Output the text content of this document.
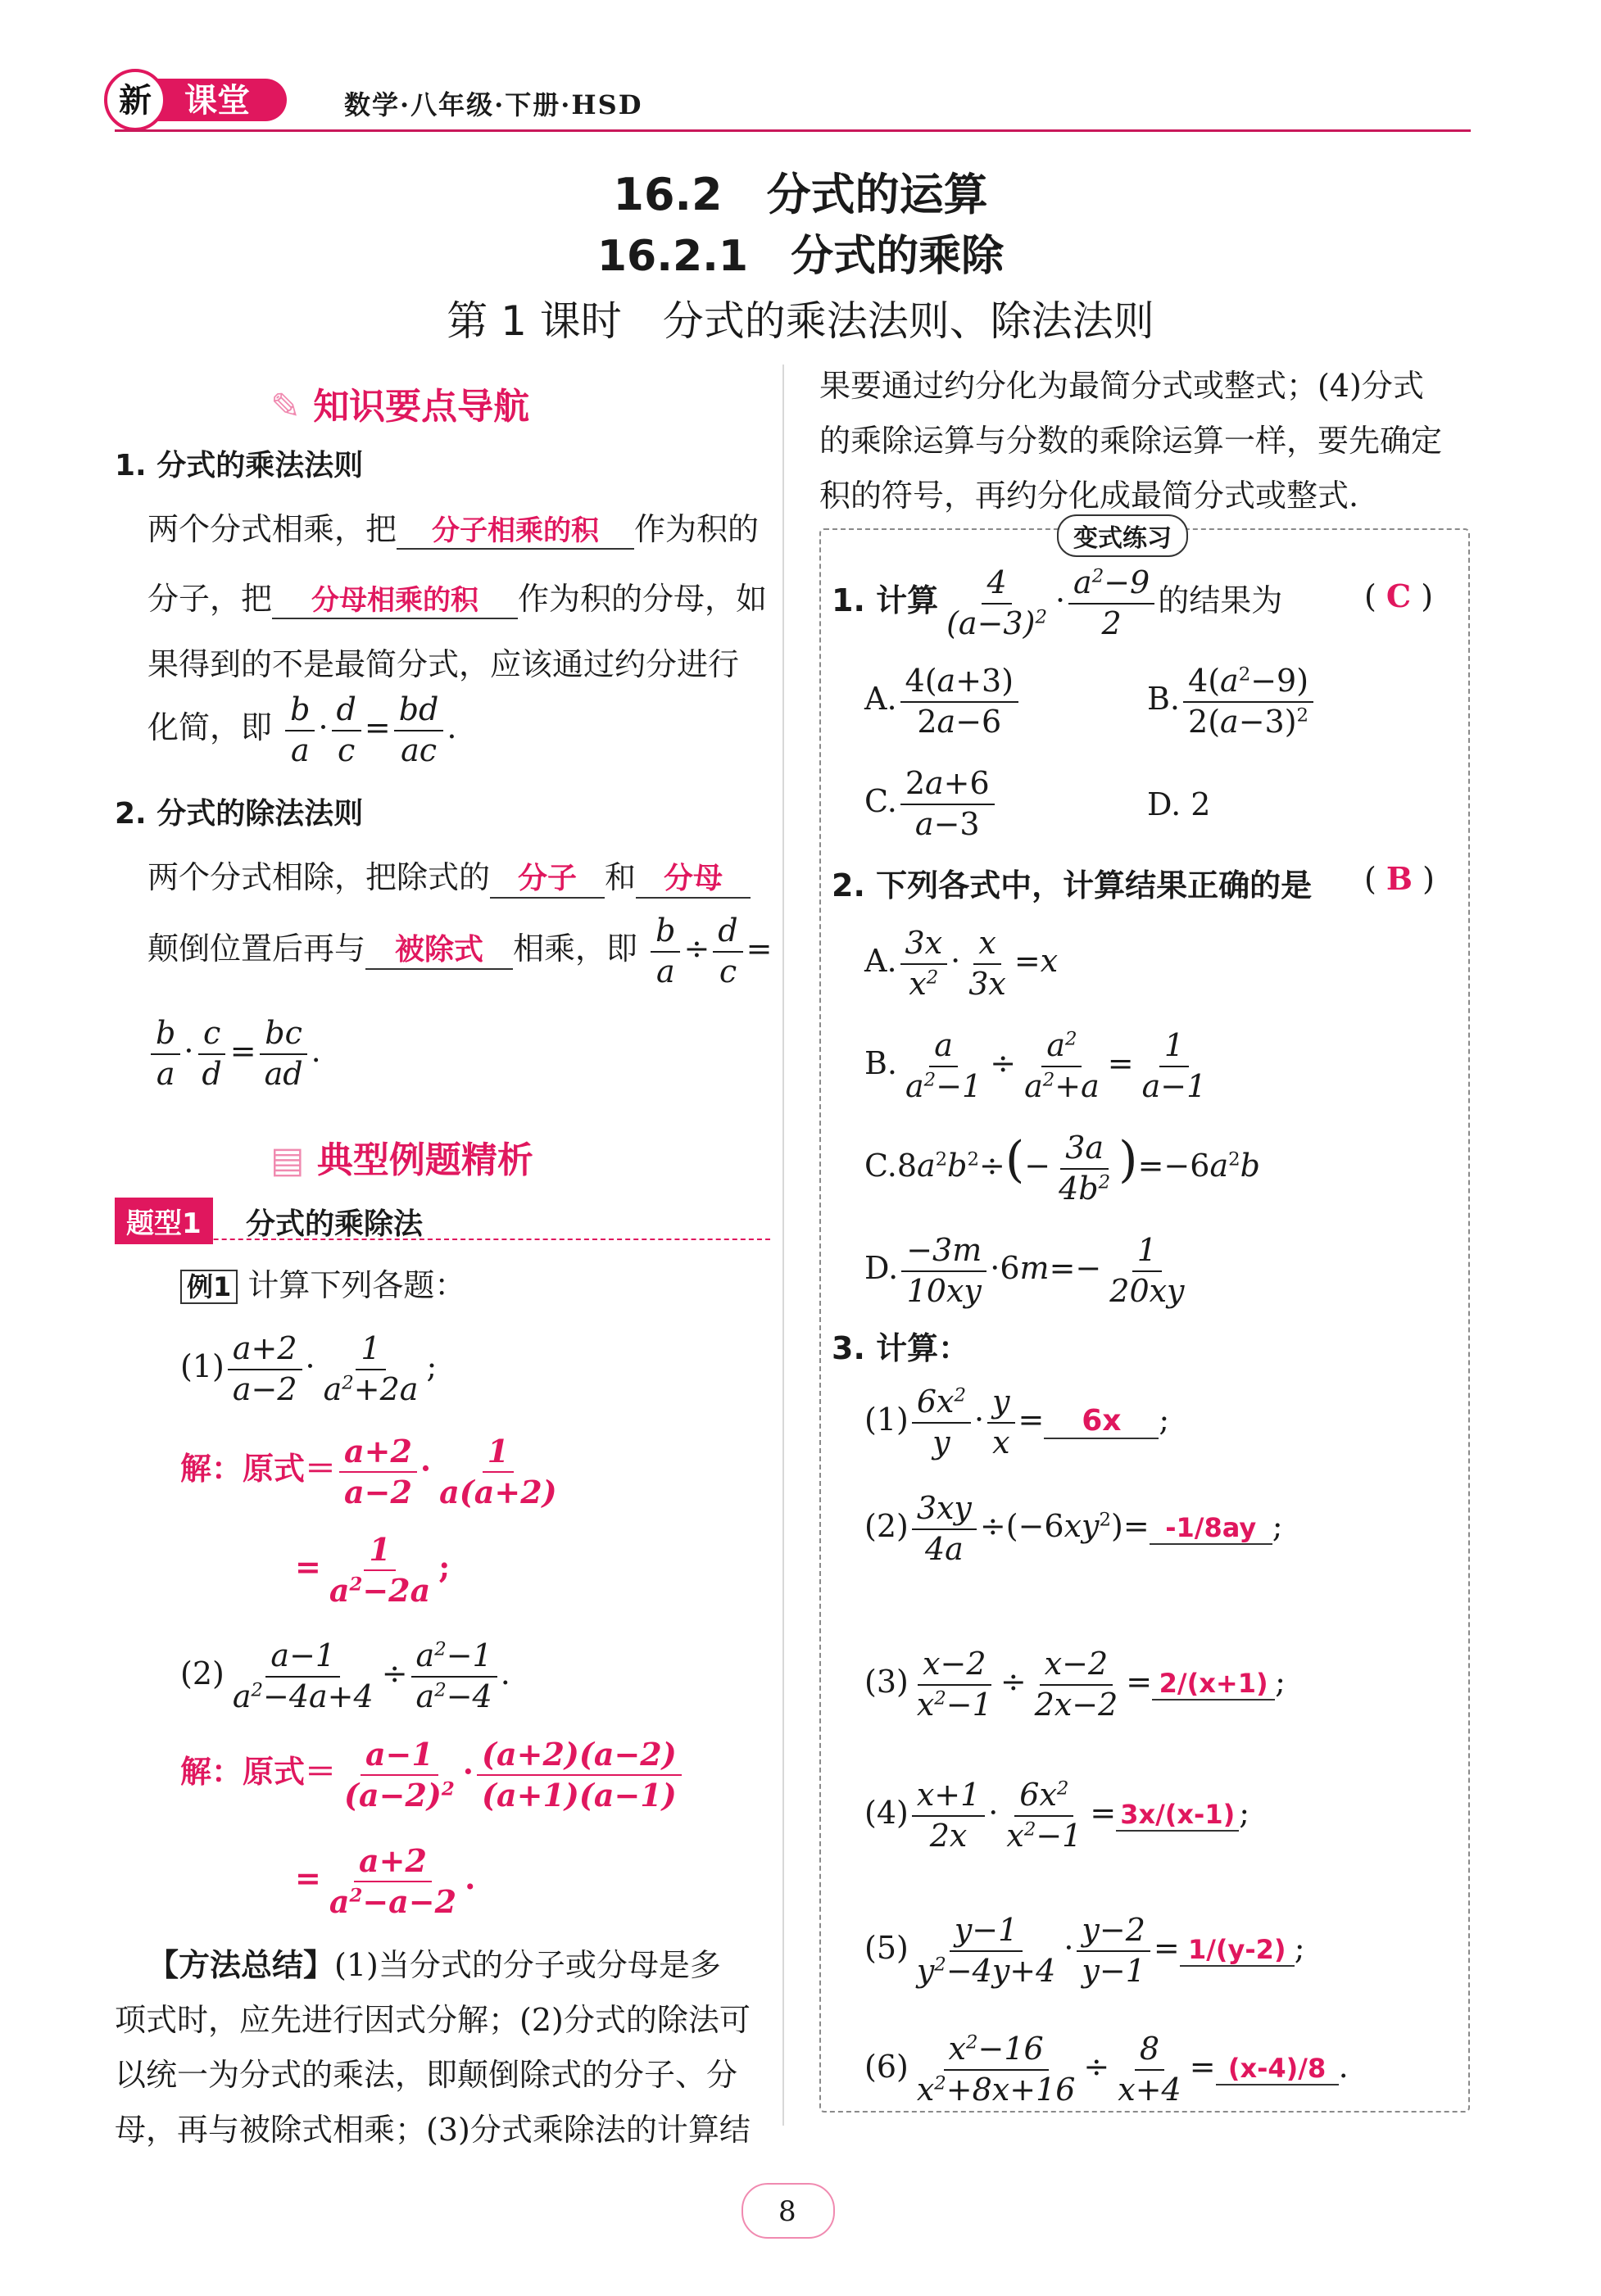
新 课堂	数学·八年级·下册·HSD
16.2　分式的运算
16.2.1　分式的乘除
第 1 课时　分式的乘法法则、除法法则
✎ 知识要点导航
1. 分式的乘法法则
两个分式相乘，把 分子相乘的积 作为积的
分子，把 分母相乘的积 作为积的分母，如
果得到的不是最简分式，应该通过约分进行
化简，即 $\frac{b}{a} \cdot \frac{d}{c} = \frac{bd}{ac}$ .
2. 分式的除法法则
两个分式相除，把除式的 分子 和 分母
颠倒位置后再与 被除式 相乘，即 $\frac{b}{a} \div \frac{d}{c}$ =
$\frac{b}{a} \cdot \frac{c}{d} = \frac{bc}{ad}$ .
▤ 典型例题精析
题型1	分式的乘除法
例1 计算下列各题：
$(1) \frac{a+2}{a-2} \cdot \frac{1}{a^2+2a}$ ;
解：原式＝ $\frac{a+2}{a-2} \cdot \frac{1}{a(a+2)}$
= $\frac{1}{a^2-2a}$ ;
$(2) \frac{a-1}{a^2-4a+4} \div \frac{a^2-1}{a^2-4}$ .
解：原式＝ $\frac{a-1}{(a-2)^2} \cdot \frac{(a+2)(a-2)}{(a+1)(a-1)}$
= $\frac{a+2}{a^2-a-2}$ .
【方法总结】(1)当分式的分子或分母是多
项式时，应先进行因式分解；(2)分式的除法可
以统一为分式的乘法，即颠倒除式的分子、分
母，再与被除式相乘；(3)分式乘除法的计算结
果要通过约分化为最简分式或整式；(4)分式
的乘除运算与分数的乘除运算一样，要先确定
积的符号，再约分化成最简分式或整式.
变式练习
1. 计算 $\frac{4}{(a-3)^2} \cdot \frac{a^2-9}{2}$ 的结果为	( C )
A. $\frac{4(a+3)}{2a-6}$	B. $\frac{4(a^2-9)}{2(a-3)^2}$
C. $\frac{2a+6}{a-3}$	D. 2
2. 下列各式中，计算结果正确的是 ( B )
A. $\frac{3x}{x^2} \cdot \frac{x}{3x} =x$
B. $\frac{a}{a^2-1} \div \frac{a^2}{a^2+a} = \frac{1}{a-1}$
$C.8a^2b^2\div(- \frac{3a}{4b^2} )=-6a^2b$
D. $\frac{-3m}{10xy} \cdot 6m=- \frac{1}{20xy}$
3. 计算：
$(1) \frac{6x^2}{y} \cdot \frac{y}{x} = 6x$ ;
$(2) \frac{3xy}{4a} \div(-6xy^2)= -1/8ay$ ;
$(3) \frac{x-2}{x^2-1} \div \frac{x-2}{2x-2} = 2/(x+1)$ ;
$(4) \frac{x+1}{2x} \cdot \frac{6x^2}{x^2-1} = 3x/(x-1)$ ;
$(5) \frac{y-1}{y^2-4y+4} \cdot \frac{y-2}{y-1} = 1/(y-2)$ ;
$(6) \frac{x^2-16}{x^2+8x+16} \div \frac{8}{x+4} = (x-4)/8$ .
8
